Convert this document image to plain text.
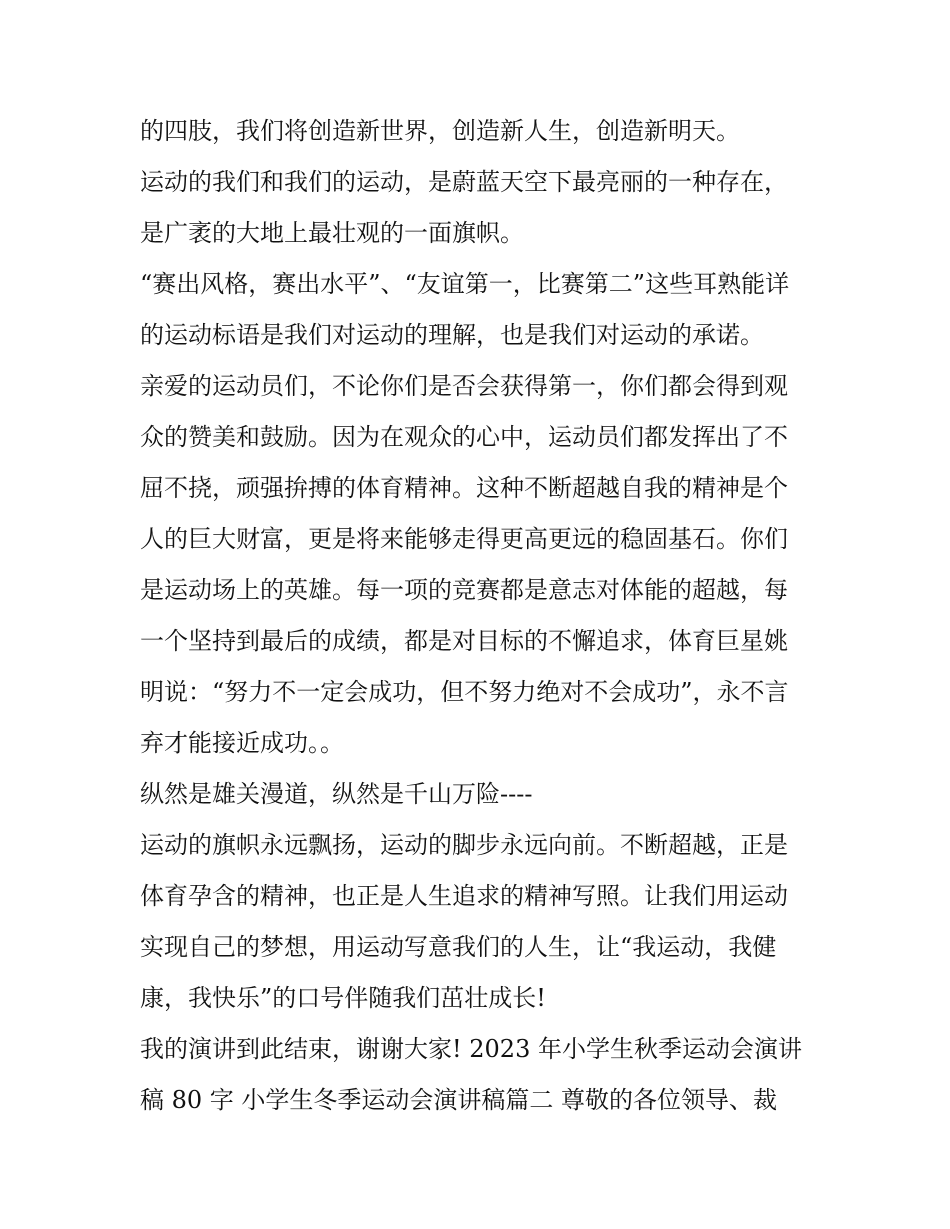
的四肢，我们将创造新世界，创造新人生，创造新明天。
运动的我们和我们的运动，是蔚蓝天空下最亮丽的一种存在，
是广袤的大地上最壮观的一面旗帜。
“赛出风格，赛出水平”、“友谊第一，比赛第二”这些耳熟能详
的运动标语是我们对运动的理解，也是我们对运动的承诺。
亲爱的运动员们，不论你们是否会获得第一，你们都会得到观
众的赞美和鼓励。因为在观众的心中，运动员们都发挥出了不
屈不挠，顽强拚搏的体育精神。这种不断超越自我的精神是个
人的巨大财富，更是将来能够走得更高更远的稳固基石。你们
是运动场上的英雄。每一项的竞赛都是意志对体能的超越，每
一个坚持到最后的成绩，都是对目标的不懈追求，体育巨星姚
明说：“努力不一定会成功，但不努力绝对不会成功”，永不言
弃才能接近成功。。
纵然是雄关漫道，纵然是千山万险----
运动的旗帜永远飘扬，运动的脚步永远向前。不断超越，正是
体育孕含的精神，也正是人生追求的精神写照。让我们用运动
实现自己的梦想，用运动写意我们的人生，让“我运动，我健
康，我快乐”的口号伴随我们茁壮成长!
我的演讲到此结束，谢谢大家! 2023 年小学生秋季运动会演讲
稿 80 字 小学生冬季运动会演讲稿篇二 尊敬的各位领导、裁
